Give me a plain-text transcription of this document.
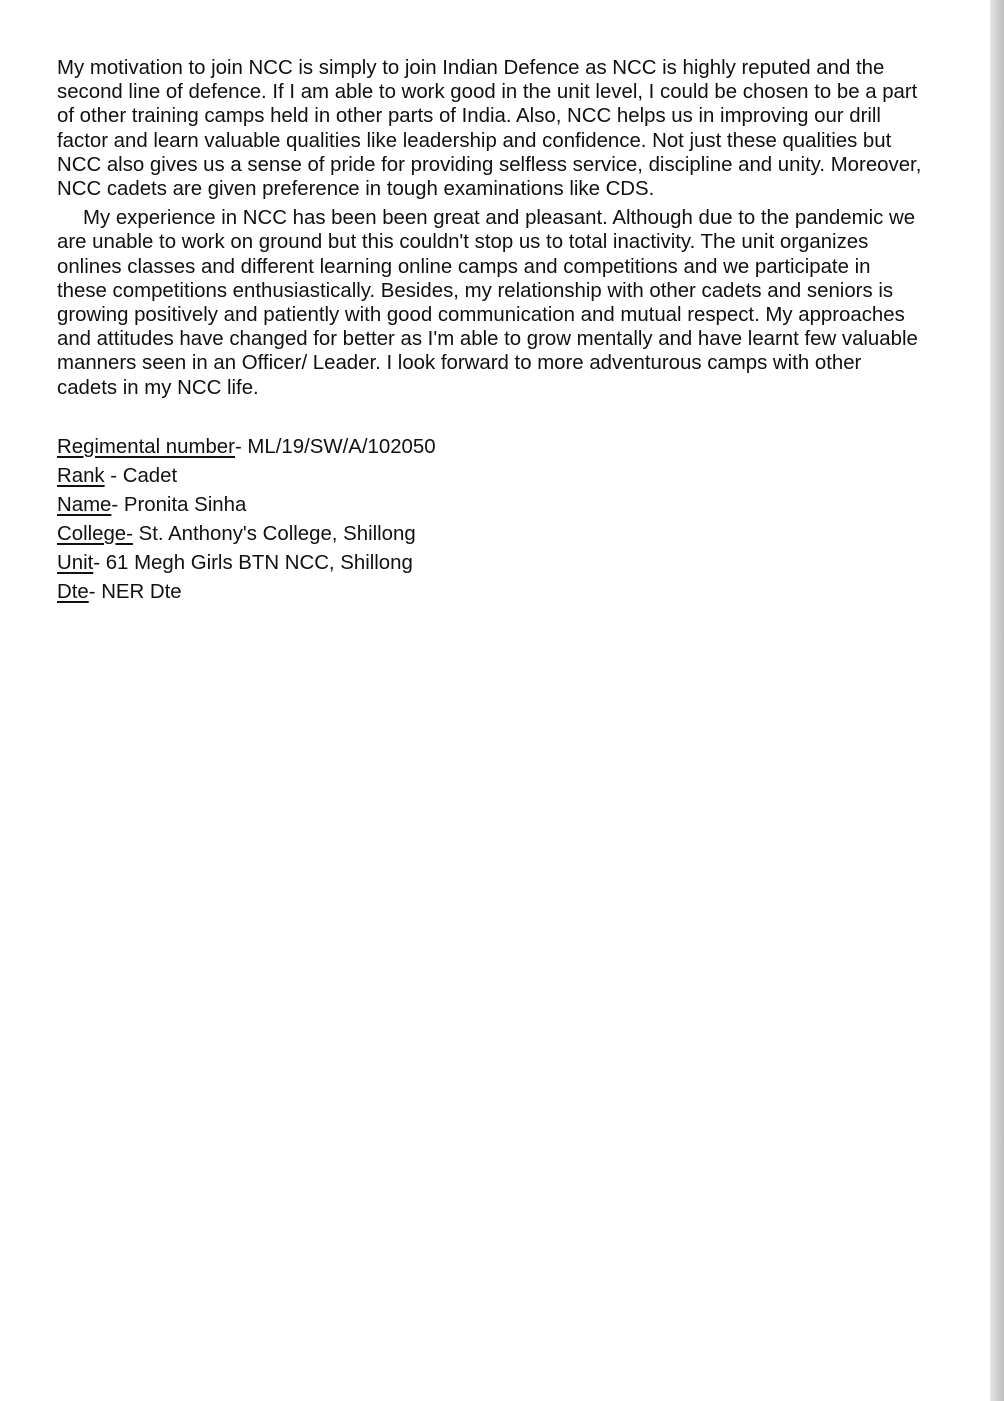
My motivation to join NCC is simply to join Indian Defence as NCC is highly reputed and the second line of defence. If I am able to work good in the unit level, I could be chosen to be a part of other training camps held in other parts of India. Also, NCC helps us in improving our drill factor and learn valuable qualities like leadership and confidence. Not just these qualities but NCC also gives us a sense of pride for providing selfless service, discipline and unity. Moreover, NCC cadets are given preference in tough examinations like CDS.

My experience in NCC has been been great and pleasant. Although due to the pandemic we are unable to work on ground but this couldn't stop us to total inactivity. The unit organizes onlines classes and different learning online camps and competitions and we participate in these competitions enthusiastically. Besides, my relationship with other cadets and seniors is growing positively and patiently with good communication and mutual respect. My approaches and attitudes have changed for better as I'm able to grow mentally and have learnt few valuable manners seen in an Officer/ Leader. I look forward to more adventurous camps with other cadets in my NCC life.

Regimental number- ML/19/SW/A/102050
Rank - Cadet
Name- Pronita Sinha
College- St. Anthony's College, Shillong
Unit- 61 Megh Girls BTN NCC, Shillong
Dte- NER Dte
